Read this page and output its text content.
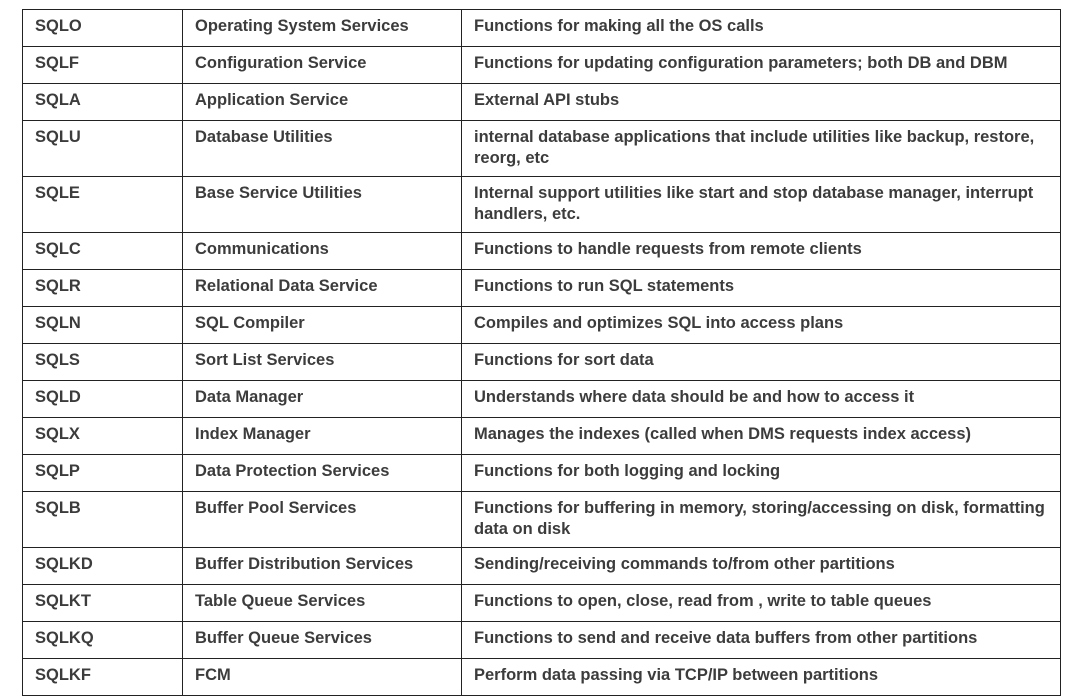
SQLO	Operating System Services	Functions for making all the OS calls
SQLF	Configuration Service	Functions for updating configuration parameters; both DB and DBM
SQLA	Application Service	External API stubs
SQLU	Database Utilities	internal database applications that include utilities like backup, restore, reorg, etc
SQLE	Base Service Utilities	Internal support utilities like start and stop database manager, interrupt handlers, etc.
SQLC	Communications	Functions to handle requests from remote clients
SQLR	Relational Data Service	Functions to run SQL statements
SQLN	SQL Compiler	Compiles and optimizes SQL into access plans
SQLS	Sort List Services	Functions for sort data
SQLD	Data Manager	Understands where data should be and how to access it
SQLX	Index Manager	Manages the indexes (called when DMS requests index access)
SQLP	Data Protection Services	Functions for both logging and locking
SQLB	Buffer Pool Services	Functions for buffering in memory, storing/accessing on disk, formatting data on disk
SQLKD	Buffer Distribution Services	Sending/receiving commands to/from other partitions
SQLKT	Table Queue Services	Functions to open, close, read from , write to table queues
SQLKQ	Buffer Queue Services	Functions to send and receive data buffers from other partitions
SQLKF	FCM	Perform data passing via TCP/IP between partitions
